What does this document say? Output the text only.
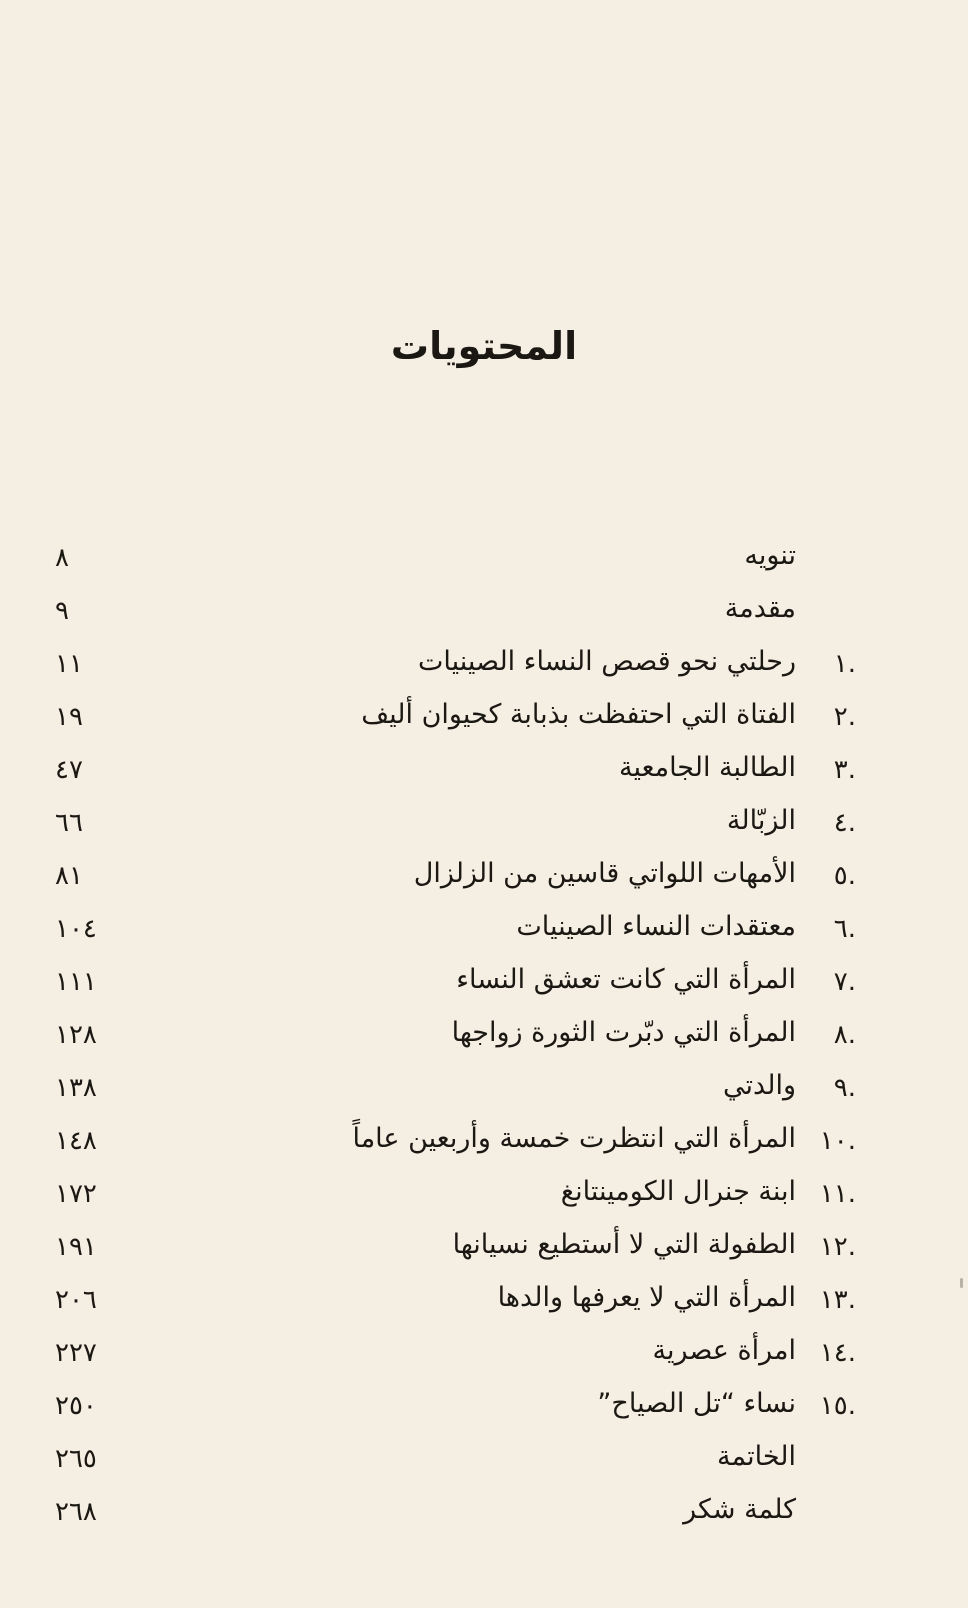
المحتويات
تنويه
٨
مقدمة
٩
.١
رحلتي نحو قصص النساء الصينيات
١١
.٢
الفتاة التي احتفظت بذبابة كحيوان أليف
١٩
.٣
الطالبة الجامعية
٤٧
.٤
الزبّالة
٦٦
.٥
الأمهات اللواتي قاسين من الزلزال
٨١
.٦
معتقدات النساء الصينيات
١٠٤
.٧
المرأة التي كانت تعشق النساء
١١١
.٨
المرأة التي دبّرت الثورة زواجها
١٢٨
.٩
والدتي
١٣٨
.١٠
المرأة التي انتظرت خمسة وأربعين عاماً
١٤٨
.١١
ابنة جنرال الكومينتانغ
١٧٢
.١٢
الطفولة التي لا أستطيع نسيانها
١٩١
.١٣
المرأة التي لا يعرفها والدها
٢٠٦
.١٤
امرأة عصرية
٢٢٧
.١٥
نساء “تل الصياح”
٢٥٠
الخاتمة
٢٦٥
كلمة شكر
٢٦٨
